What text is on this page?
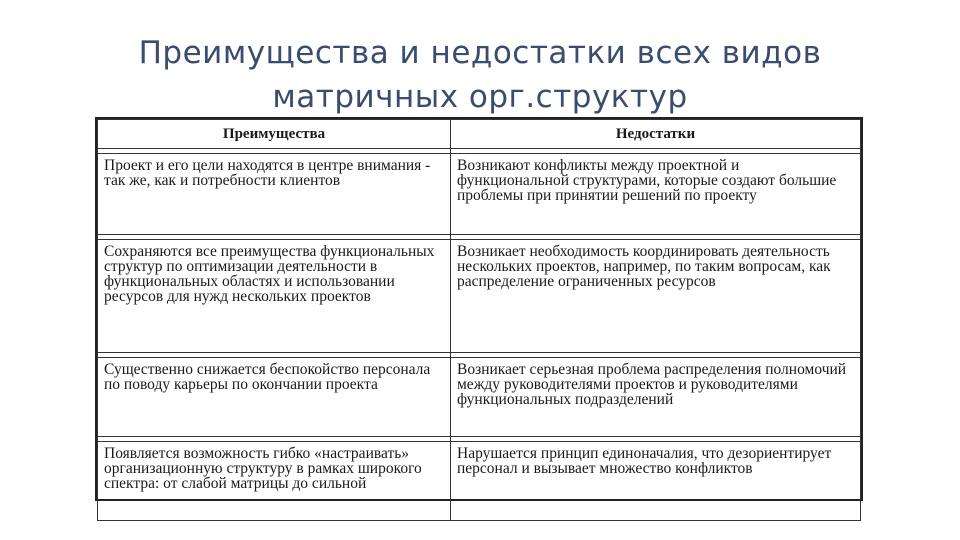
Преимущества и недостатки всех видов
матричных орг.структур
Преимущества	Недостатки

Проект и его цели находятся в центре внимания - так же, как и потребности клиентов	Возникают конфликты между проектной и функциональной структурами, которые создают большие проблемы при принятии решений по проекту

Сохраняются все преимущества функциональных структур по оптимизации деятельности в функциональных областях и использовании ресурсов для нужд нескольких проектов	Возникает необходимость координировать деятельность нескольких проектов, например, по таким вопросам, как распределение ограниченных ресурсов

Существенно снижается беспокойство персонала по поводу карьеры по окончании проекта	Возникает серьезная проблема распределения полномочий между руководителями проектов и руководителями функциональных подразделений

Появляется возможность гибко «настраивать» организационную структуру в рамках широкого спектра: от слабой матрицы до сильной	Нарушается принцип единоначалия, что дезориентирует персонал и вызывает множество конфликтов
